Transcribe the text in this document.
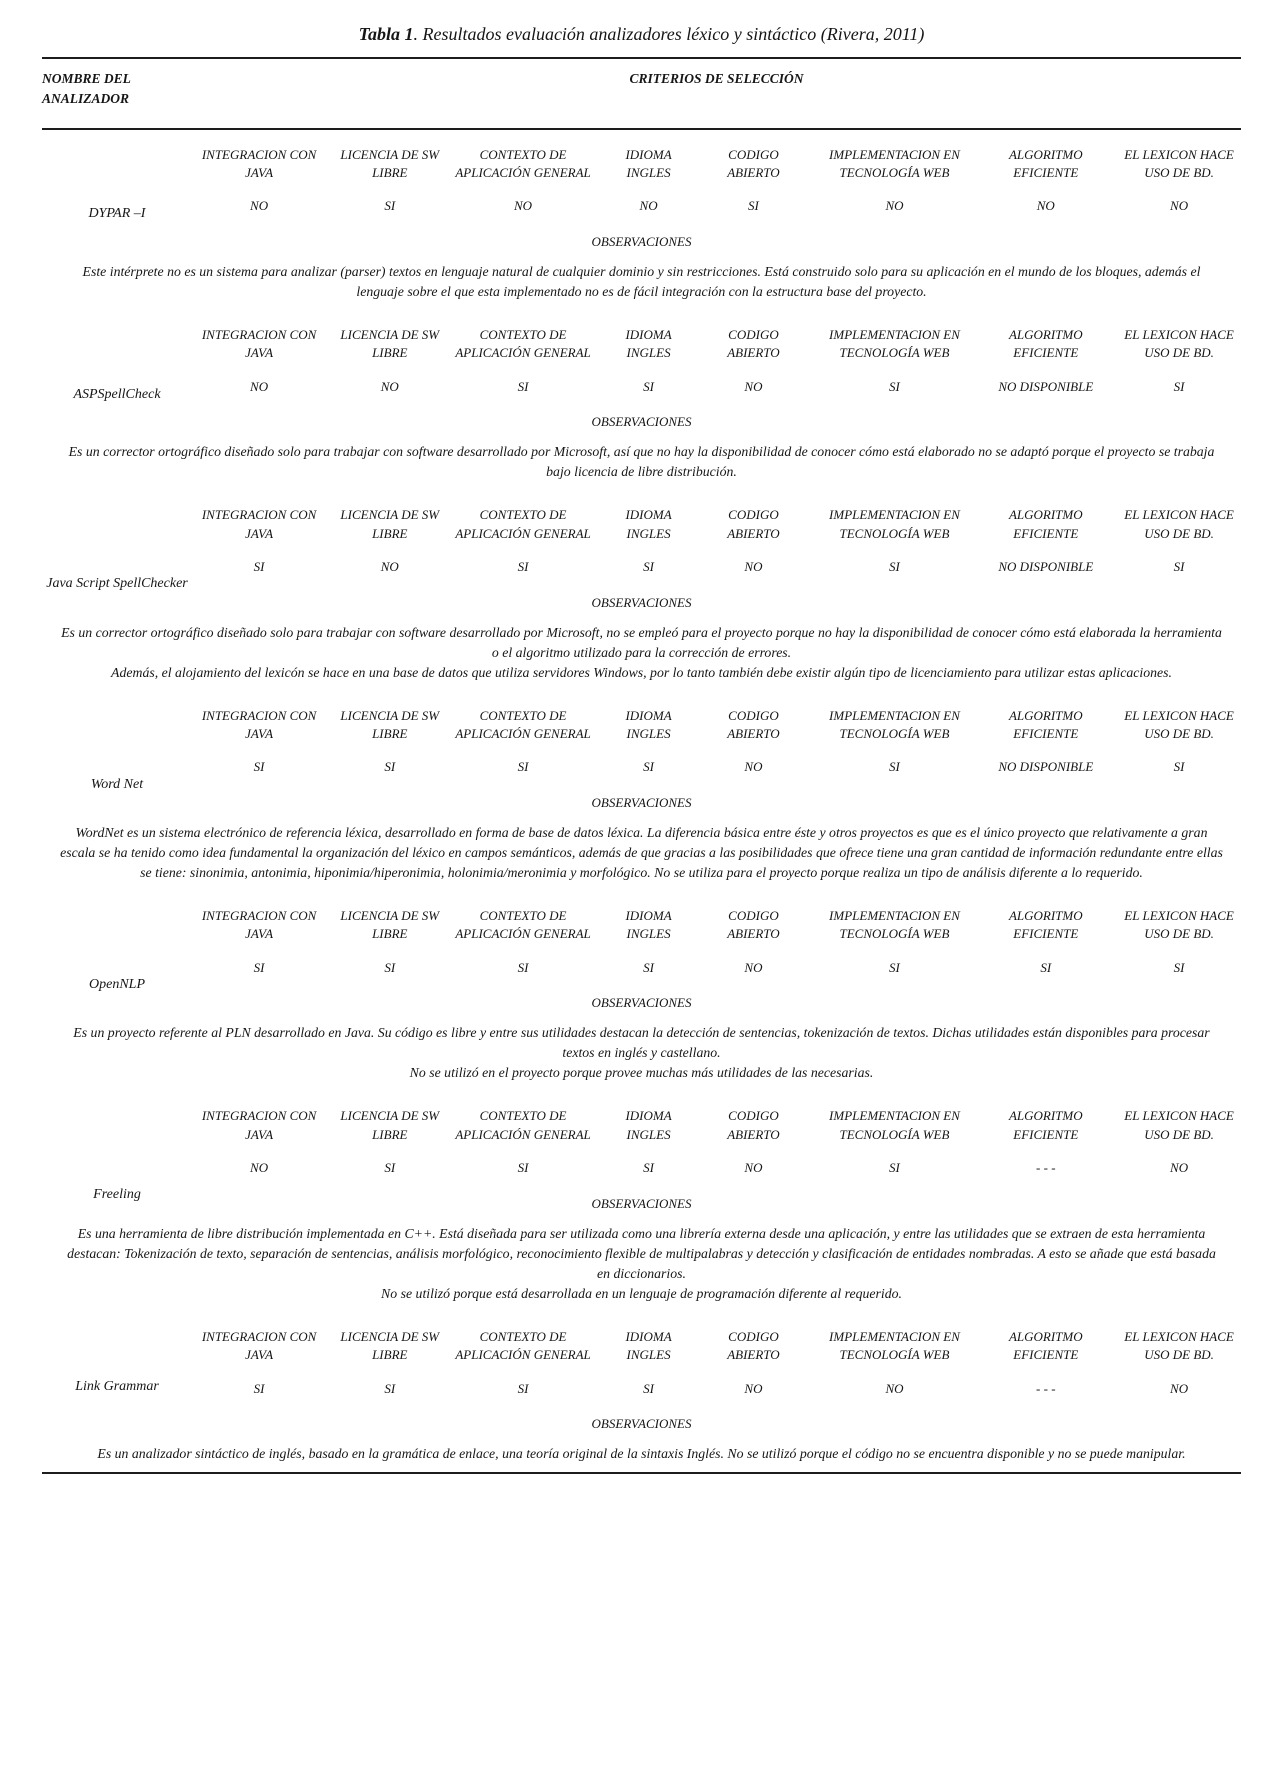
Tabla 1. Resultados evaluación analizadores léxico y sintáctico (Rivera, 2011)
NOMBRE DEL ANALIZADOR
CRITERIOS DE SELECCIÓN
DYPAR –I
INTEGRACION CON JAVA
LICENCIA DE SW LIBRE
CONTEXTO DE APLICACIÓN GENERAL
IDIOMA INGLES
CODIGO ABIERTO
IMPLEMENTACION EN TECNOLOGÍA WEB
ALGORITMO EFICIENTE
EL LEXICON HACE USO DE BD.
NO	SI	NO	NO	SI	NO	NO	NO
OBSERVACIONES
Este intérprete no es un sistema para analizar (parser) textos en lenguaje natural de cualquier dominio y sin restricciones. Está construido solo para su aplicación en el mundo de los bloques, además el lenguaje sobre el que esta implementado no es de fácil integración con la estructura base del proyecto.
ASPSpellCheck
INTEGRACION CON JAVA
LICENCIA DE SW LIBRE
CONTEXTO DE APLICACIÓN GENERAL
IDIOMA INGLES
CODIGO ABIERTO
IMPLEMENTACION EN TECNOLOGÍA WEB
ALGORITMO EFICIENTE
EL LEXICON HACE USO DE BD.
NO	NO	SI	SI	NO	SI	NO DISPONIBLE	SI
OBSERVACIONES
Es un corrector ortográfico diseñado solo para trabajar con software desarrollado por Microsoft, así que no hay la disponibilidad de conocer cómo está elaborado no se adaptó porque el proyecto se trabaja bajo licencia de libre distribución.
Java Script SpellChecker
INTEGRACION CON JAVA
LICENCIA DE SW LIBRE
CONTEXTO DE APLICACIÓN GENERAL
IDIOMA INGLES
CODIGO ABIERTO
IMPLEMENTACION EN TECNOLOGÍA WEB
ALGORITMO EFICIENTE
EL LEXICON HACE USO DE BD.
SI	NO	SI	SI	NO	SI	NO DISPONIBLE	SI
OBSERVACIONES
Es un corrector ortográfico diseñado solo para trabajar con software desarrollado por Microsoft, no se empleó para el proyecto porque no hay la disponibilidad de conocer cómo está elaborada la herramienta o el algoritmo utilizado para la corrección de errores.
Además, el alojamiento del lexicón se hace en una base de datos que utiliza servidores Windows, por lo tanto también debe existir algún tipo de licenciamiento para utilizar estas aplicaciones.
Word Net
INTEGRACION CON JAVA
LICENCIA DE SW LIBRE
CONTEXTO DE APLICACIÓN GENERAL
IDIOMA INGLES
CODIGO ABIERTO
IMPLEMENTACION EN TECNOLOGÍA WEB
ALGORITMO EFICIENTE
EL LEXICON HACE USO DE BD.
SI	SI	SI	SI	NO	SI	NO DISPONIBLE	SI
OBSERVACIONES
WordNet es un sistema electrónico de referencia léxica, desarrollado en forma de base de datos léxica. La diferencia básica entre éste y otros proyectos es que es el único proyecto que relativamente a gran escala se ha tenido como idea fundamental la organización del léxico en campos semánticos, además de que gracias a las posibilidades que ofrece tiene una gran cantidad de información redundante entre ellas se tiene: sinonimia, antonimia, hiponimia/hiperonimia, holonimia/meronimia y morfológico. No se utiliza para el proyecto porque realiza un tipo de análisis diferente a lo requerido.
OpenNLP
INTEGRACION CON JAVA
LICENCIA DE SW LIBRE
CONTEXTO DE APLICACIÓN GENERAL
IDIOMA INGLES
CODIGO ABIERTO
IMPLEMENTACION EN TECNOLOGÍA WEB
ALGORITMO EFICIENTE
EL LEXICON HACE USO DE BD.
SI	SI	SI	SI	NO	SI	SI	SI
OBSERVACIONES
Es un proyecto referente al PLN desarrollado en Java. Su código es libre y entre sus utilidades destacan la detección de sentencias, tokenización de textos. Dichas utilidades están disponibles para procesar textos en inglés y castellano.
No se utilizó en el proyecto porque provee muchas más utilidades de las necesarias.
Freeling
INTEGRACION CON JAVA
LICENCIA DE SW LIBRE
CONTEXTO DE APLICACIÓN GENERAL
IDIOMA INGLES
CODIGO ABIERTO
IMPLEMENTACION EN TECNOLOGÍA WEB
ALGORITMO EFICIENTE
EL LEXICON HACE USO DE BD.
NO	SI	SI	SI	NO	SI	- - -	NO
OBSERVACIONES
Es una herramienta de libre distribución implementada en C++. Está diseñada para ser utilizada como una librería externa desde una aplicación, y entre las utilidades que se extraen de esta herramienta destacan: Tokenización de texto, separación de sentencias, análisis morfológico, reconocimiento flexible de multipalabras y detección y clasificación de entidades nombradas. A esto se añade que está basada en diccionarios.
No se utilizó porque está desarrollada en un lenguaje de programación diferente al requerido.
Link Grammar
INTEGRACION CON JAVA
LICENCIA DE SW LIBRE
CONTEXTO DE APLICACIÓN GENERAL
IDIOMA INGLES
CODIGO ABIERTO
IMPLEMENTACION EN TECNOLOGÍA WEB
ALGORITMO EFICIENTE
EL LEXICON HACE USO DE BD.
SI	SI	SI	SI	NO	NO	- - -	NO
OBSERVACIONES
Es un analizador sintáctico de inglés, basado en la gramática de enlace, una teoría original de la sintaxis Inglés. No se utilizó porque el código no se encuentra disponible y no se puede manipular.
